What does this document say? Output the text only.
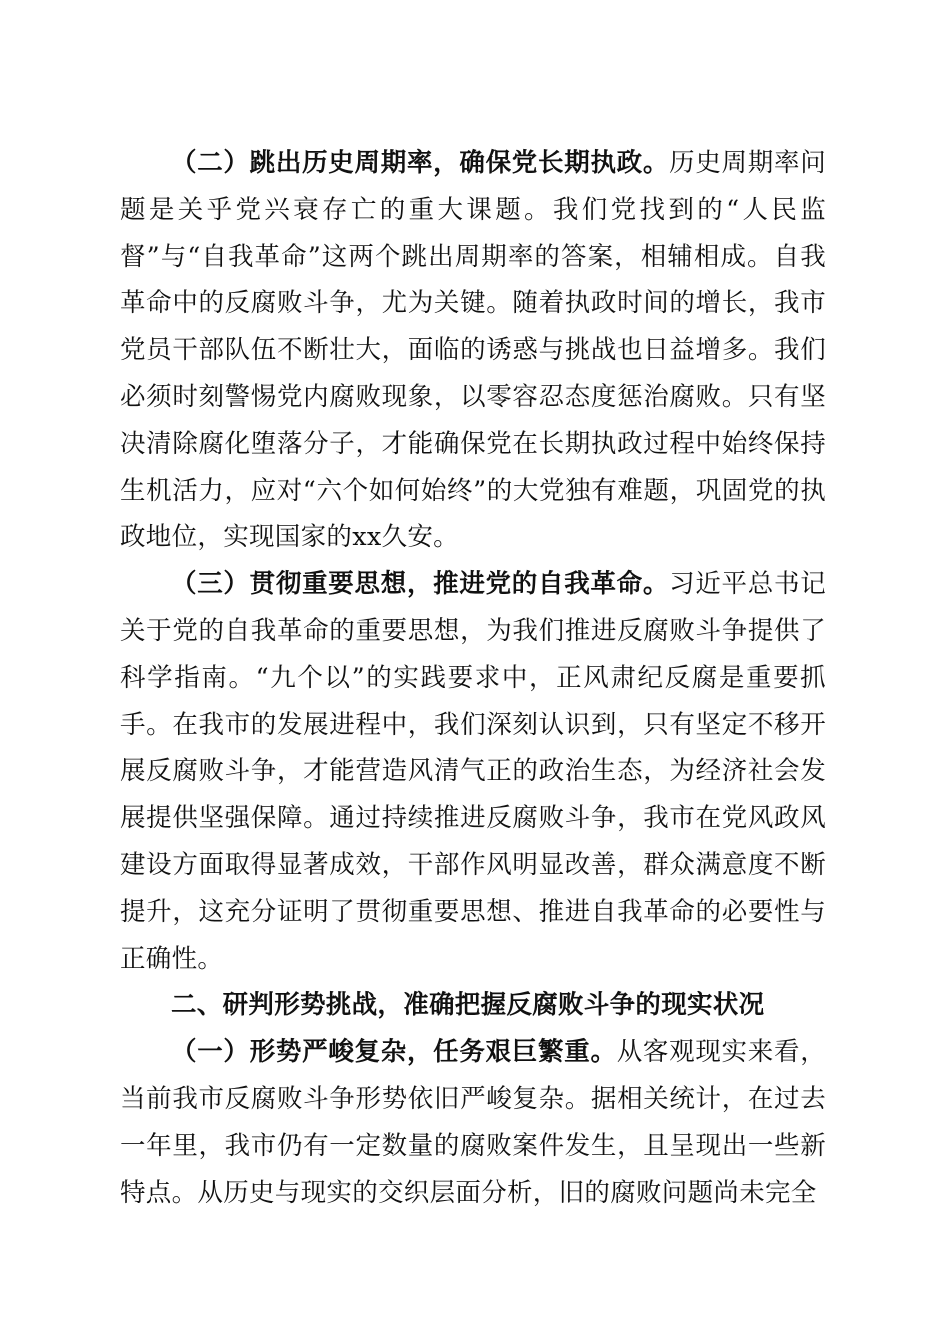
（二）跳出历史周期率，确保党长期执政。历史周期率问题是关乎党兴衰存亡的重大课题。我们党找到的“人民监督”与“自我革命”这两个跳出周期率的答案，相辅相成。自我革命中的反腐败斗争，尤为关键。随着执政时间的增长，我市党员干部队伍不断壮大，面临的诱惑与挑战也日益增多。我们必须时刻警惕党内腐败现象，以零容忍态度惩治腐败。只有坚决清除腐化堕落分子，才能确保党在长期执政过程中始终保持生机活力，应对“六个如何始终”的大党独有难题，巩固党的执政地位，实现国家的xx久安。

（三）贯彻重要思想，推进党的自我革命。习近平总书记关于党的自我革命的重要思想，为我们推进反腐败斗争提供了科学指南。“九个以”的实践要求中，正风肃纪反腐是重要抓手。在我市的发展进程中，我们深刻认识到，只有坚定不移开展反腐败斗争，才能营造风清气正的政治生态，为经济社会发展提供坚强保障。通过持续推进反腐败斗争，我市在党风政风建设方面取得显著成效，干部作风明显改善，群众满意度不断提升，这充分证明了贯彻重要思想、推进自我革命的必要性与正确性。

二、研判形势挑战，准确把握反腐败斗争的现实状况

（一）形势严峻复杂，任务艰巨繁重。从客观现实来看，当前我市反腐败斗争形势依旧严峻复杂。据相关统计，在过去一年里，我市仍有一定数量的腐败案件发生，且呈现出一些新特点。从历史与现实的交织层面分析，旧的腐败问题尚未完全
